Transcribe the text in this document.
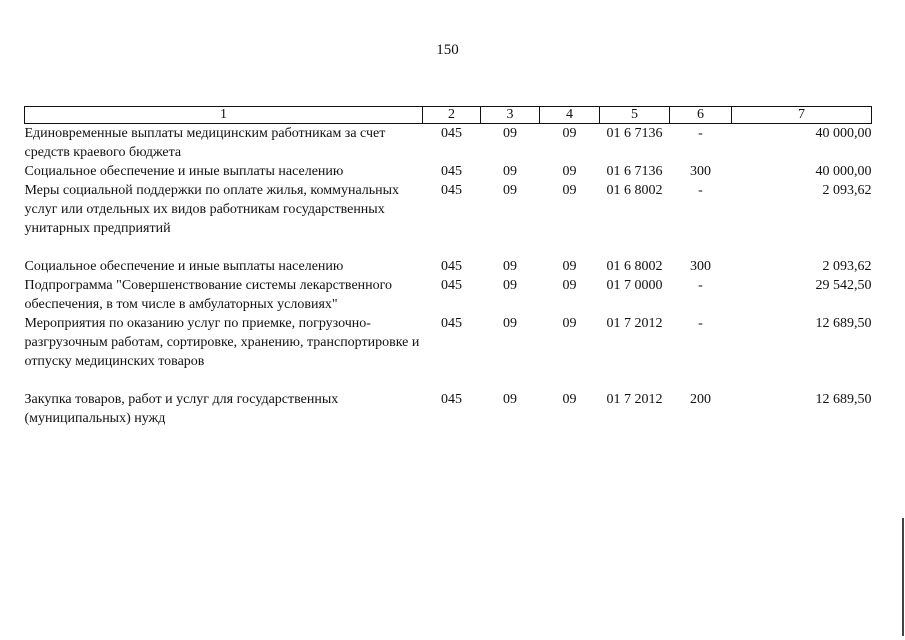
150
1	2	3	4	5	6	7
Единовременные выплаты медицинским работникам за счет средств краевого бюджета	045	09	09	01 6 7136	-	40 000,00
Социальное обеспечение и иные выплаты населению	045	09	09	01 6 7136	300	40 000,00
Меры социальной поддержки по оплате жилья, коммунальных услуг или отдельных их видов работникам государственных унитарных предприятий	045	09	09	01 6 8002	-	2 093,62

Социальное обеспечение и иные выплаты населению	045	09	09	01 6 8002	300	2 093,62
Подпрограмма "Совершенствование системы лекарственного обеспечения, в том числе в амбулаторных условиях"	045	09	09	01 7 0000	-	29 542,50
Мероприятия по оказанию услуг по приемке, погрузочно-разгрузочным работам, сортировке, хранению, транспортировке и отпуску медицинских товаров	045	09	09	01 7 2012	-	12 689,50

Закупка товаров, работ и услуг для государственных (муниципальных) нужд	045	09	09	01 7 2012	200	12 689,50
